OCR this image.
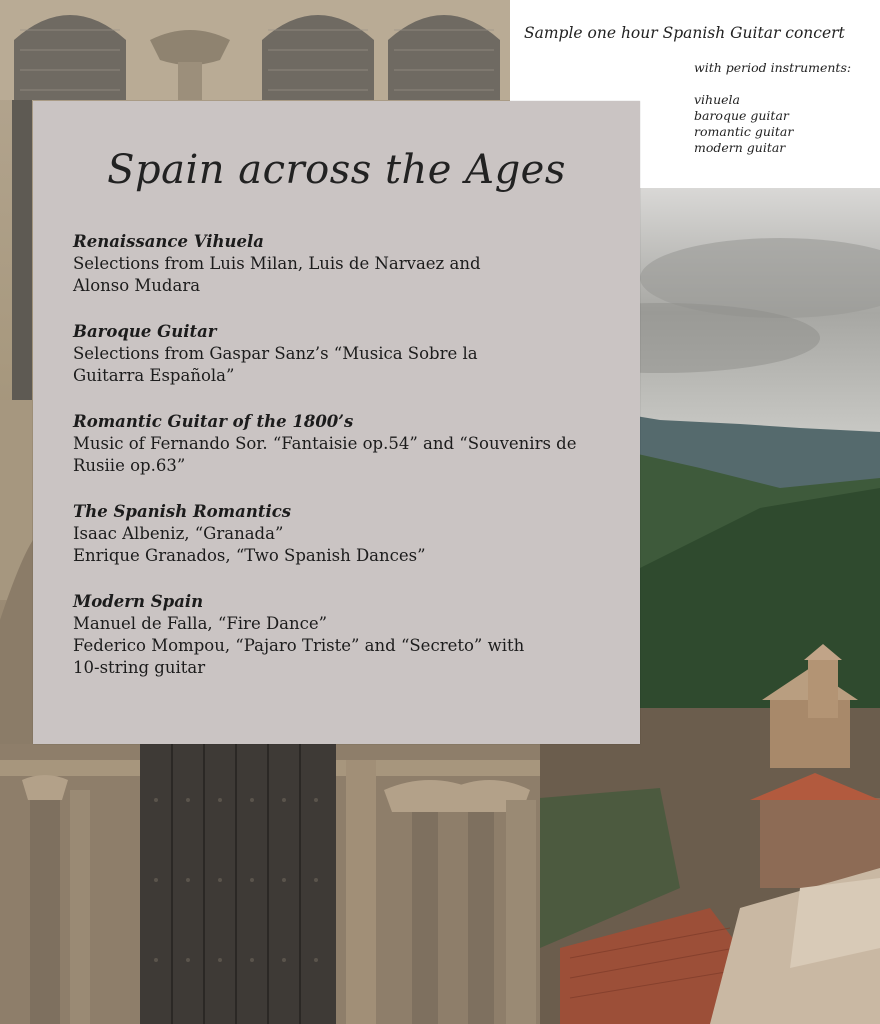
Sample one hour Spanish Guitar concert
with period instruments:
vihuela
baroque guitar
romantic guitar
modern guitar
Spain across the Ages
Renaissance Vihuela
Selections from Luis Milan, Luis de Narvaez and
Alonso Mudara
Baroque Guitar
Selections from Gaspar Sanz’s “Musica Sobre la
Guitarra Española”
Romantic Guitar of the 1800’s
Music of Fernando Sor. “Fantaisie op.54” and “Souvenirs de
Rusiie op.63”
The Spanish Romantics
Isaac Albeniz, “Granada”
Enrique Granados, “Two Spanish Dances”
Modern Spain
Manuel de Falla, “Fire Dance”
Federico Mompou, “Pajaro Triste” and “Secreto” with
10-string guitar
